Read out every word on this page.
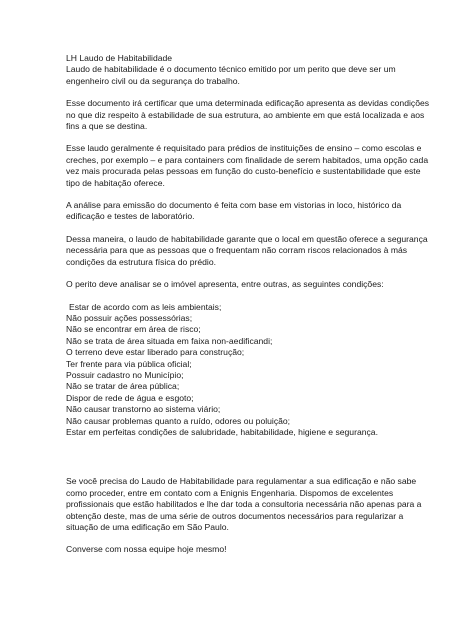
LH Laudo de Habitabilidade
Laudo de habitabilidade é o documento técnico emitido por um perito que deve ser um
engenheiro civil ou da segurança do trabalho.
Esse documento irá certificar que uma determinada edificação apresenta as devidas condições
no que diz respeito à estabilidade de sua estrutura, ao ambiente em que está localizada e aos
fins a que se destina.
Esse laudo geralmente é requisitado para prédios de instituições de ensino – como escolas e
creches, por exemplo – e para containers com finalidade de serem habitados, uma opção cada
vez mais procurada pelas pessoas em função do custo-benefício e sustentabilidade que este
tipo de habitação oferece.
A análise para emissão do documento é feita com base em vistorias in loco, histórico da
edificação e testes de laboratório.
Dessa maneira, o laudo de habitabilidade garante que o local em questão oferece a segurança
necessária para que as pessoas que o frequentam não corram riscos relacionados à más
condições da estrutura física do prédio.
O perito deve analisar se o imóvel apresenta, entre outras, as seguintes condições:
Estar de acordo com as leis ambientais;
Não possuir ações possessórias;
Não se encontrar em área de risco;
Não se trata de área situada em faixa non-aedificandi;
O terreno deve estar liberado para construção;
Ter frente para via pública oficial;
Possuir cadastro no Município;
Não se tratar de área pública;
Dispor de rede de água e esgoto;
Não causar transtorno ao sistema viário;
Não causar problemas quanto a ruído, odores ou poluição;
Estar em perfeitas condições de salubridade, habitabilidade, higiene e segurança.
Se você precisa do Laudo de Habitabilidade para regulamentar a sua edificação e não sabe
como proceder, entre em contato com a Enignis Engenharia. Dispomos de excelentes
profissionais que estão habilitados e lhe dar toda a consultoria necessária não apenas para a
obtenção deste, mas de uma série de outros documentos necessários para regularizar a
situação de uma edificação em São Paulo.
Converse com nossa equipe hoje mesmo!
